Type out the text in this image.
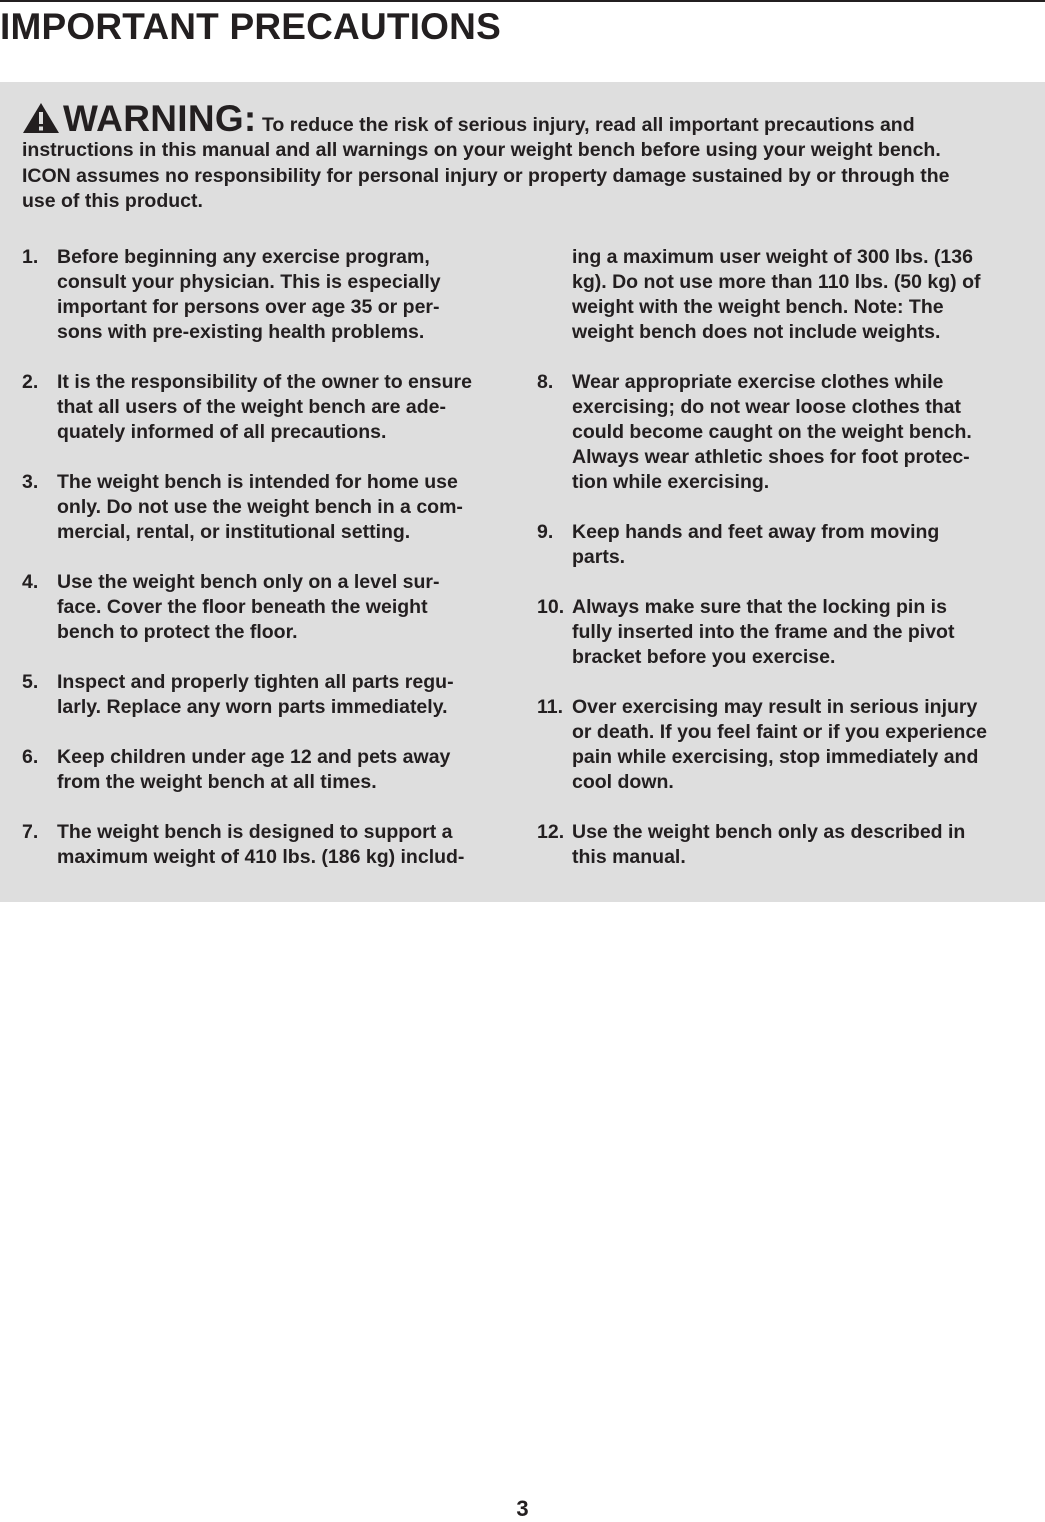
IMPORTANT PRECAUTIONS

WARNING: To reduce the risk of serious injury, read all important precautions and
instructions in this manual and all warnings on your weight bench before using your weight bench.
ICON assumes no responsibility for personal injury or property damage sustained by or through the
use of this product.

1. Before beginning any exercise program,
consult your physician. This is especially
important for persons over age 35 or per-
sons with pre-existing health problems.
2. It is the responsibility of the owner to ensure
that all users of the weight bench are ade-
quately informed of all precautions.
3. The weight bench is intended for home use
only. Do not use the weight bench in a com-
mercial, rental, or institutional setting.
4. Use the weight bench only on a level sur-
face. Cover the floor beneath the weight
bench to protect the floor.
5. Inspect and properly tighten all parts regu-
larly. Replace any worn parts immediately.
6. Keep children under age 12 and pets away
from the weight bench at all times.
7. The weight bench is designed to support a
maximum weight of 410 lbs. (186 kg) includ-
ing a maximum user weight of 300 lbs. (136
kg). Do not use more than 110 lbs. (50 kg) of
weight with the weight bench. Note: The
weight bench does not include weights.
8. Wear appropriate exercise clothes while
exercising; do not wear loose clothes that
could become caught on the weight bench.
Always wear athletic shoes for foot protec-
tion while exercising.
9. Keep hands and feet away from moving
parts.
10. Always make sure that the locking pin is
fully inserted into the frame and the pivot
bracket before you exercise.
11. Over exercising may result in serious injury
or death. If you feel faint or if you experience
pain while exercising, stop immediately and
cool down.
12. Use the weight bench only as described in
this manual.
3
